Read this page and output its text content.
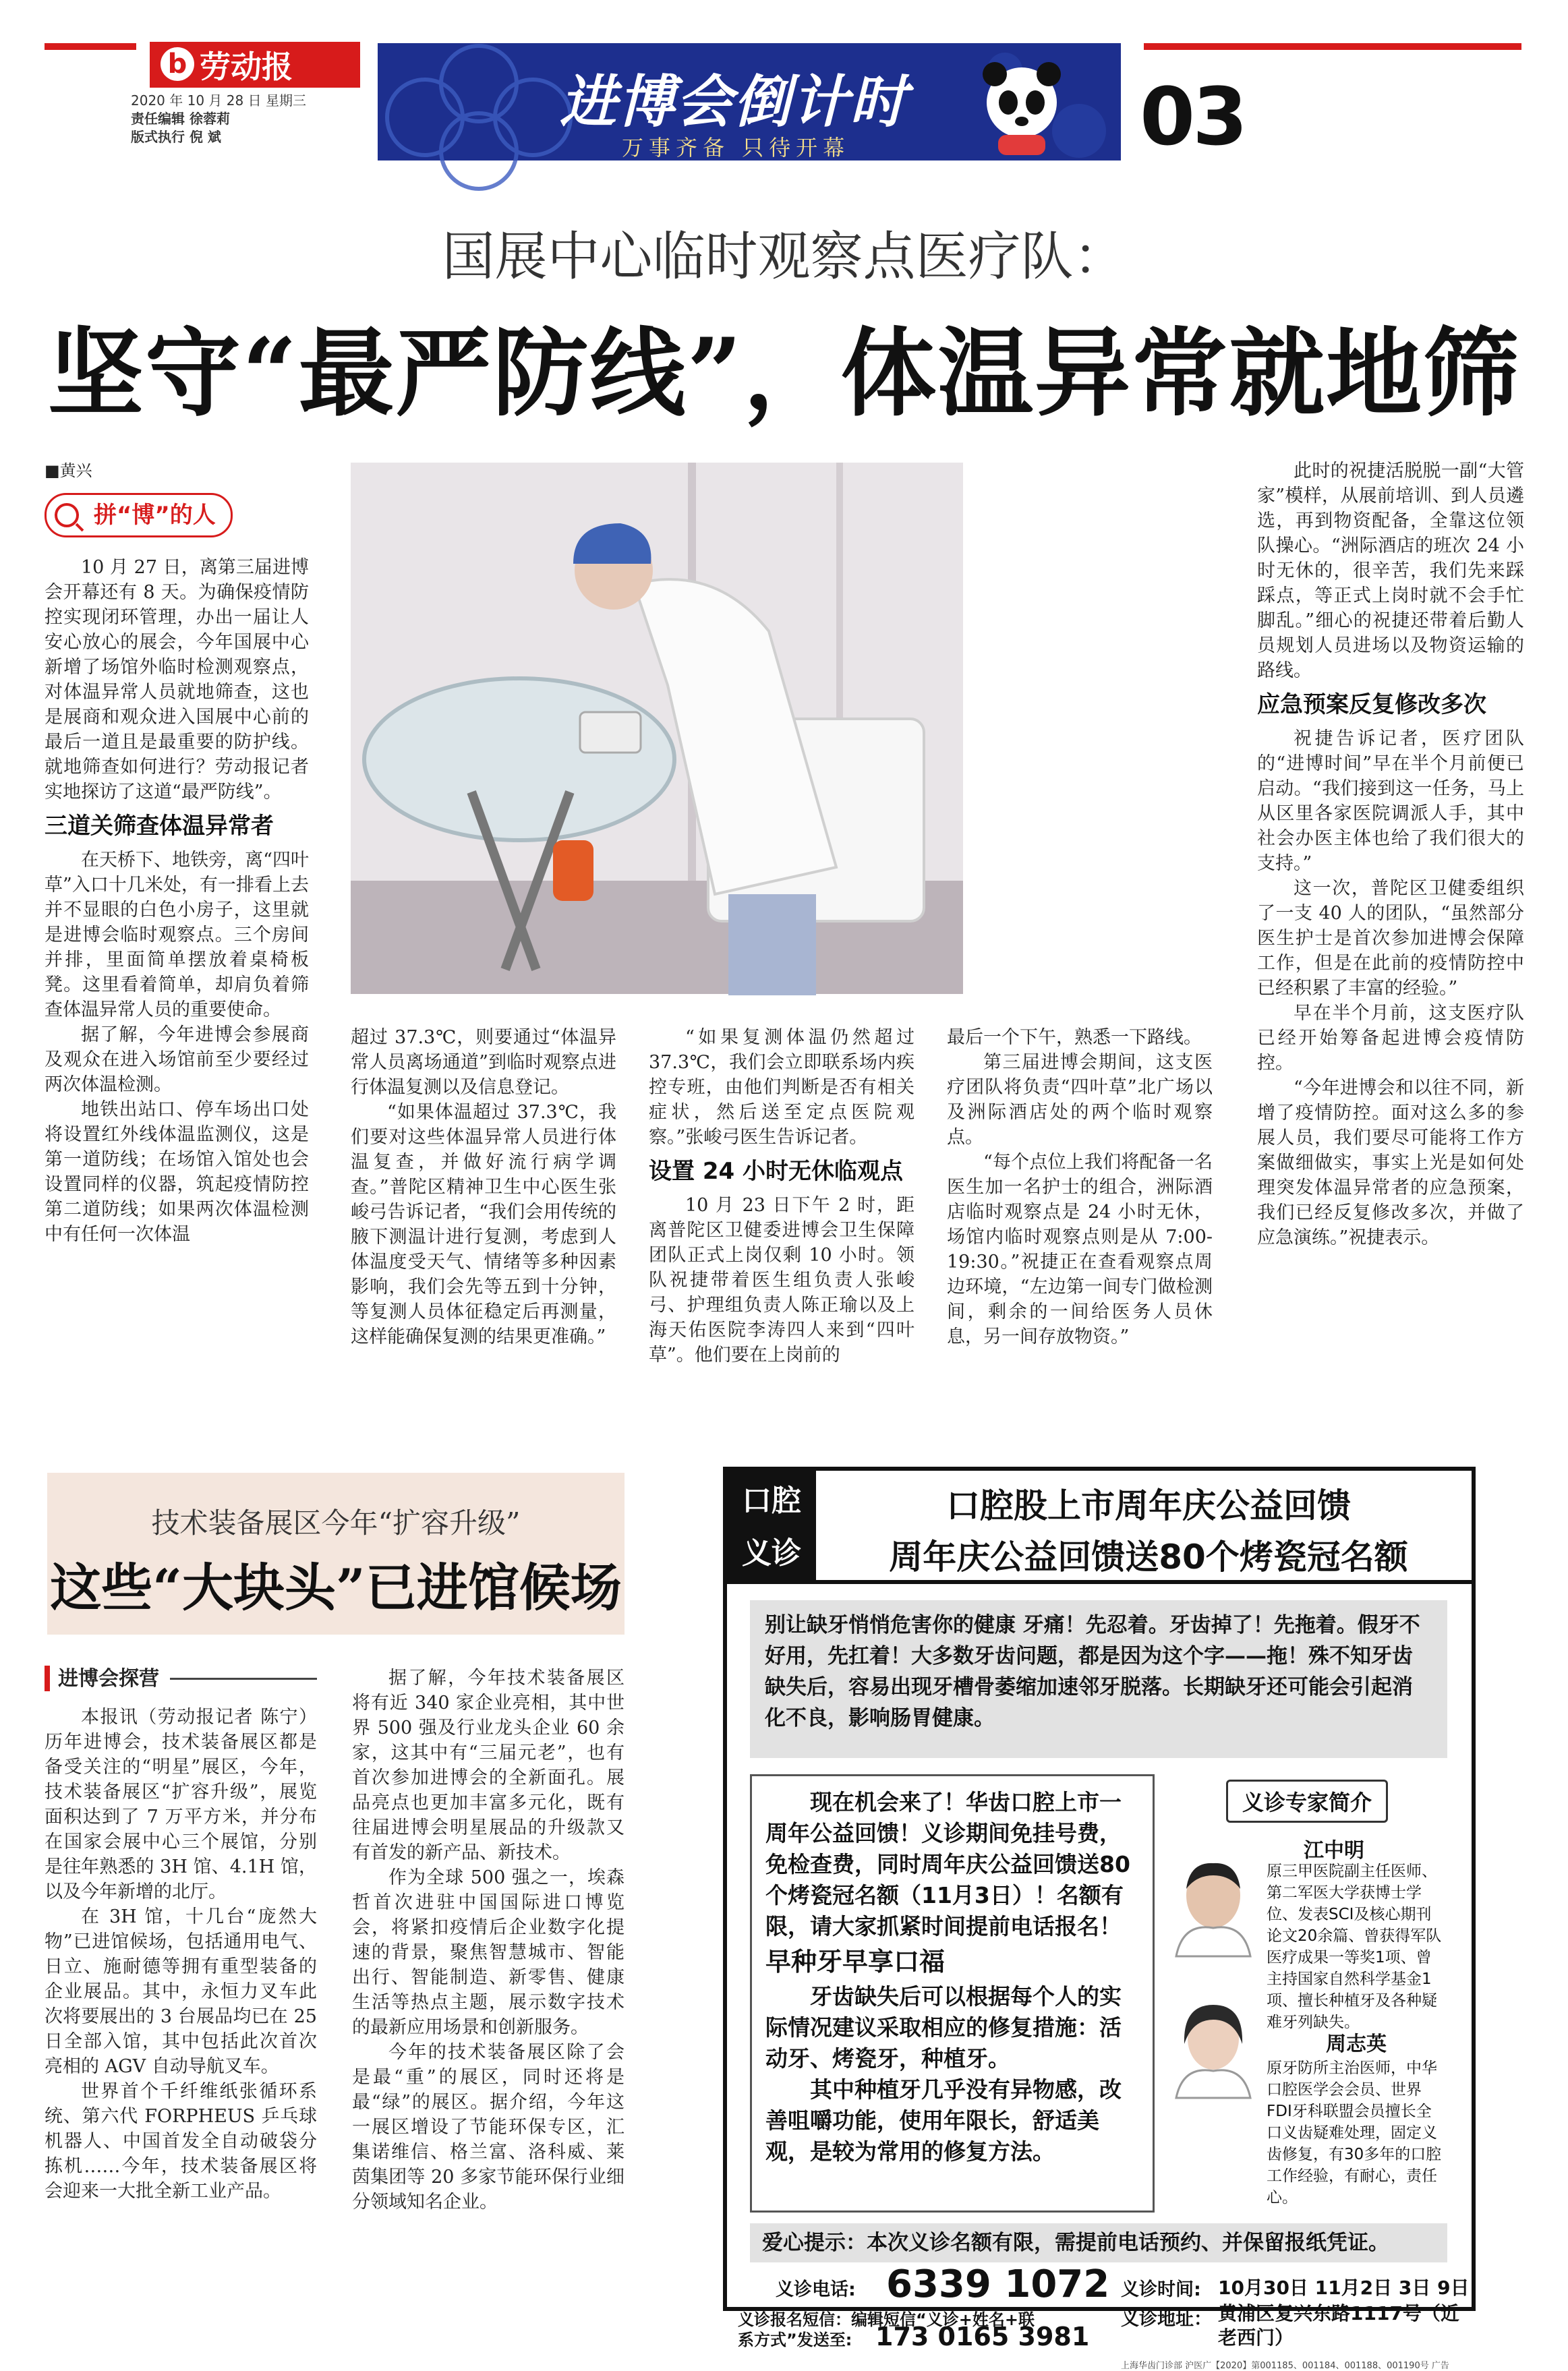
b 劳动报
2020 年 10 月 28 日 星期三
责任编辑 徐蓉莉
版式执行 倪 斌
进博会倒计时
万事齐备 只待开幕	03
国展中心临时观察点医疗队：
坚守“最严防线”，体温异常就地筛
■黄兴
拼“博”的人

10 月 27 日，离第三届进博会开幕还有 8 天。为确保疫情防控实现闭环管理，办出一届让人安心放心的展会，今年国展中心新增了场馆外临时检测观察点，对体温异常人员就地筛查，这也是展商和观众进入国展中心前的最后一道且是最重要的防护线。就地筛查如何进行？劳动报记者实地探访了这道“最严防线”。

三道关筛查体温异常者

在天桥下、地铁旁，离“四叶草”入口十几米处，有一排看上去并不显眼的白色小房子，这里就是进博会临时观察点。三个房间并排，里面简单摆放着桌椅板凳。这里看着简单，却肩负着筛查体温异常人员的重要使命。

据了解，今年进博会参展商及观众在进入场馆前至少要经过两次体温检测。

地铁出站口、停车场出口处将设置红外线体温监测仪，这是第一道防线；在场馆入馆处也会设置同样的仪器，筑起疫情防控第二道防线；如果两次体温检测中有任何一次体温

超过 37.3℃，则要通过“体温异常人员离场通道”到临时观察点进行体温复测以及信息登记。

“如果体温超过 37.3℃，我们要对这些体温异常人员进行体温复查，并做好流行病学调查。”普陀区精神卫生中心医生张峻弓告诉记者，“我们会用传统的腋下测温计进行复测，考虑到人体温度受天气、情绪等多种因素影响，我们会先等五到十分钟，等复测人员体征稳定后再测量，这样能确保复测的结果更准确。”

“如果复测体温仍然超过 37.3℃，我们会立即联系场内疾控专班，由他们判断是否有相关症状，然后送至定点医院观察。”张峻弓医生告诉记者。

设置 24 小时无休临观点

10 月 23 日下午 2 时，距离普陀区卫健委进博会卫生保障团队正式上岗仅剩 10 小时。领队祝捷带着医生组负责人张峻弓、护理组负责人陈正瑜以及上海天佑医院李涛四人来到“四叶草”。他们要在上岗前的

最后一个下午，熟悉一下路线。

第三届进博会期间，这支医疗团队将负责“四叶草”北广场以及洲际酒店处的两个临时观察点。

“每个点位上我们将配备一名医生加一名护士的组合，洲际酒店临时观察点是 24 小时无休，场馆内临时观察点则是从 7:00-19:30。”祝捷正在查看观察点周边环境，“左边第一间专门做检测间，剩余的一间给医务人员休息，另一间存放物资。”

此时的祝捷活脱脱一副“大管家”模样，从展前培训、到人员遴选，再到物资配备，全靠这位领队操心。“洲际酒店的班次 24 小时无休的，很辛苦，我们先来踩踩点，等正式上岗时就不会手忙脚乱。”细心的祝捷还带着后勤人员规划人员进场以及物资运输的路线。

应急预案反复修改多次

祝捷告诉记者，医疗团队的“进博时间”早在半个月前便已启动。“我们接到这一任务，马上从区里各家医院调派人手，其中社会办医主体也给了我们很大的支持。”

这一次，普陀区卫健委组织了一支 40 人的团队，“虽然部分医生护士是首次参加进博会保障工作，但是在此前的疫情防控中已经积累了丰富的经验。”

早在半个月前，这支医疗队已经开始筹备起进博会疫情防控。

“今年进博会和以往不同，新增了疫情防控。面对这么多的参展人员，我们要尽可能将工作方案做细做实，事实上光是如何处理突发体温异常者的应急预案，我们已经反复修改多次，并做了应急演练。”祝捷表示。

技术装备展区今年“扩容升级”
这些“大块头”已进馆候场
进博会探营

本报讯（劳动报记者 陈宁）历年进博会，技术装备展区都是备受关注的“明星”展区，今年，技术装备展区“扩容升级”，展览面积达到了 7 万平方米，并分布在国家会展中心三个展馆，分别是往年熟悉的 3H 馆、4.1H 馆，以及今年新增的北厅。

在 3H 馆，十几台“庞然大物”已进馆候场，包括通用电气、日立、施耐德等拥有重型装备的企业展品。其中，永恒力叉车此次将要展出的 3 台展品均已在 25 日全部入馆，其中包括此次首次亮相的 AGV 自动导航叉车。

世界首个千纤维纸张循环系统、第六代 FORPHEUS 乒乓球机器人、中国首发全自动破袋分拣机……今年，技术装备展区将会迎来一大批全新工业产品。

据了解，今年技术装备展区将有近 340 家企业亮相，其中世界 500 强及行业龙头企业 60 余家，这其中有“三届元老”，也有首次参加进博会的全新面孔。展品亮点也更加丰富多元化，既有往届进博会明星展品的升级款又有首发的新产品、新技术。

作为全球 500 强之一，埃森哲首次进驻中国国际进口博览会，将紧扣疫情后企业数字化提速的背景，聚焦智慧城市、智能出行、智能制造、新零售、健康生活等热点主题，展示数字技术的最新应用场景和创新服务。

今年的技术装备展区除了会是最“重”的展区，同时还将是最“绿”的展区。据介绍，今年这一展区增设了节能环保专区，汇集诺维信、格兰富、洛科威、莱茵集团等 20 多家节能环保行业细分领域知名企业。

口腔
义诊
口腔股上市周年庆公益回馈
周年庆公益回馈送80个烤瓷冠名额
别让缺牙悄悄危害你的健康 牙痛！先忍着。牙齿掉了！先拖着。假牙不好用，先扛着！大多数牙齿问题，都是因为这个字——拖！殊不知牙齿缺失后，容易出现牙槽骨萎缩加速邻牙脱落。长期缺牙还可能会引起消化不良，影响肠胃健康。
现在机会来了！华齿口腔上市一周年公益回馈！义诊期间免挂号费，免检查费，同时周年庆公益回馈送80个烤瓷冠名额（11月3日）！名额有限，请大家抓紧时间提前电话报名！
早种牙早享口福
牙齿缺失后可以根据每个人的实际情况建议采取相应的修复措施：活动牙、烤瓷牙，种植牙。
其中种植牙几乎没有异物感，改善咀嚼功能，使用年限长，舒适美观，是较为常用的修复方法。
义诊专家简介
江中明
原三甲医院副主任医师、第二军医大学获博士学位、发表SCI及核心期刊论文20余篇、曾获得军队医疗成果一等奖1项、曾主持国家自然科学基金1项、擅长种植牙及各种疑难牙列缺失。
周志英
原牙防所主治医师，中华口腔医学会会员、世界FDI牙科联盟会员擅长全口义齿疑难处理，固定义齿修复，有30多年的口腔工作经验，有耐心，责任心。
爱心提示：本次义诊名额有限，需提前电话预约、并保留报纸凭证。
义诊电话: 6339 1072
义诊报名短信：编辑短信“义诊+姓名+联系方式”发送至: 173 0165 3981
义诊时间: 10月30日 11月2日 3日 9日
义诊地址： 黄浦区复兴东路1117号（近老西门）
上海华齿门诊部 沪医广【2020】第001185、001184、001188、001190号 广告
